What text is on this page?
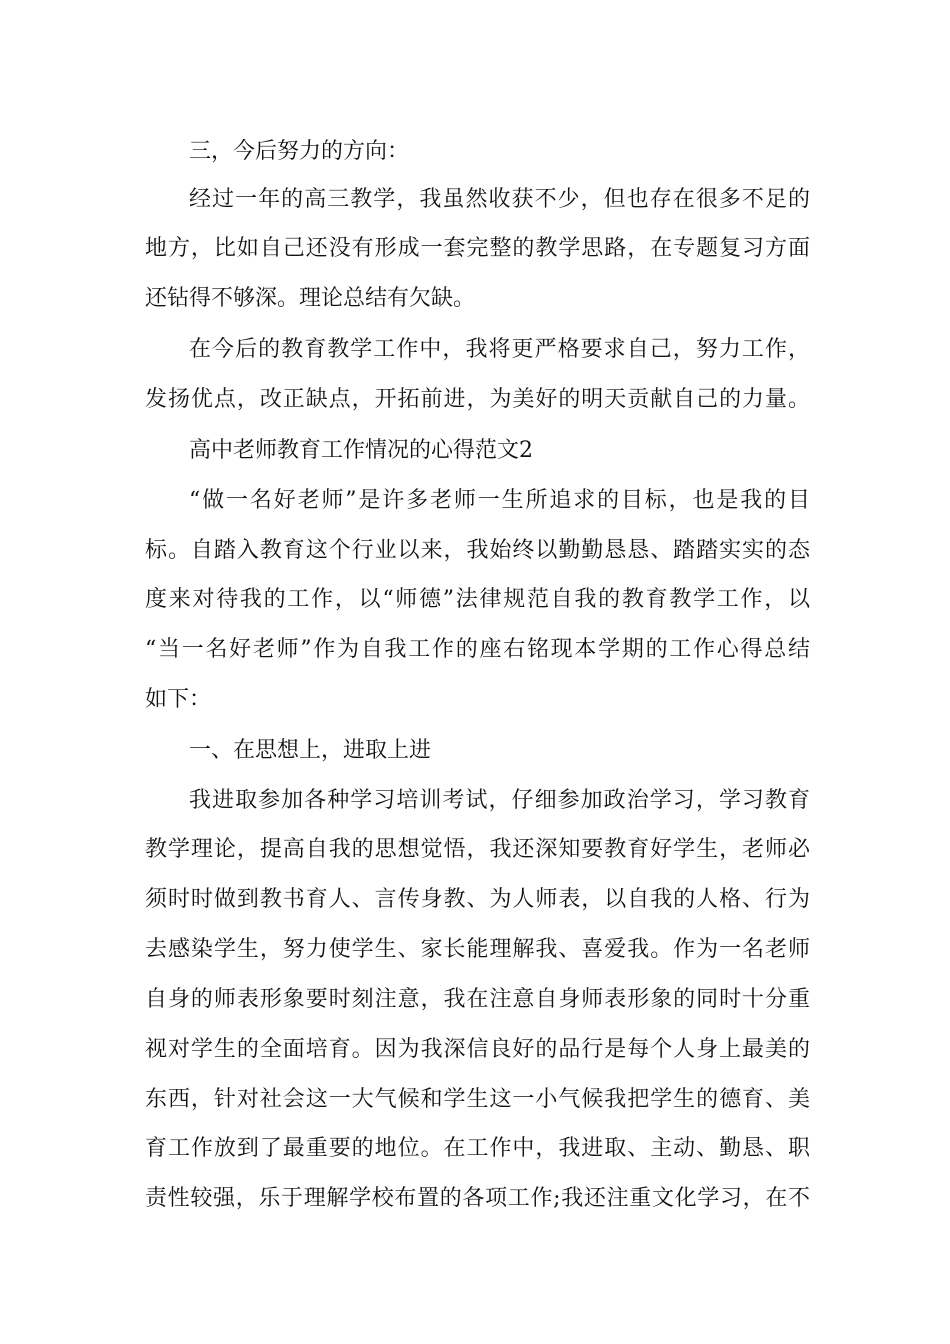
三，今后努力的方向：
经过一年的高三教学，我虽然收获不少，但也存在很多不足的
地方，比如自己还没有形成一套完整的教学思路，在专题复习方面
还钻得不够深。理论总结有欠缺。
在今后的教育教学工作中，我将更严格要求自己，努力工作，
发扬优点，改正缺点，开拓前进，为美好的明天贡献自己的力量。
高中老师教育工作情况的心得范文2
“做一名好老师”是许多老师一生所追求的目标，也是我的目
标。自踏入教育这个行业以来，我始终以勤勤恳恳、踏踏实实的态
度来对待我的工作，以“师德”法律规范自我的教育教学工作，以
“当一名好老师”作为自我工作的座右铭现本学期的工作心得总结
如下：
一、在思想上，进取上进
我进取参加各种学习培训考试，仔细参加政治学习，学习教育
教学理论，提高自我的思想觉悟，我还深知要教育好学生，老师必
须时时做到教书育人、言传身教、为人师表，以自我的人格、行为
去感染学生，努力使学生、家长能理解我、喜爱我。作为一名老师
自身的师表形象要时刻注意，我在注意自身师表形象的同时十分重
视对学生的全面培育。因为我深信良好的品行是每个人身上最美的
东西，针对社会这一大气候和学生这一小气候我把学生的德育、美
育工作放到了最重要的地位。在工作中，我进取、主动、勤恳、职
责性较强，乐于理解学校布置的各项工作;我还注重文化学习，在不
